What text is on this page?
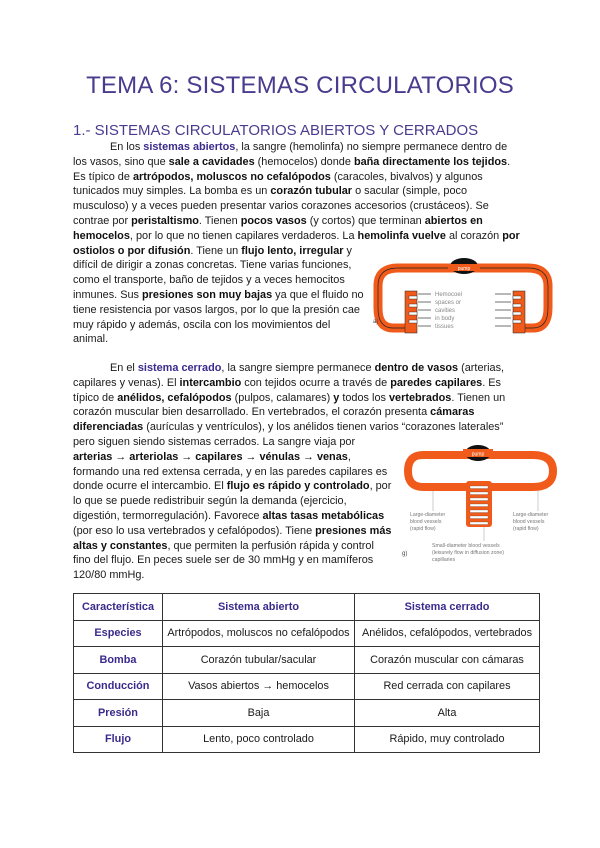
TEMA 6: SISTEMAS CIRCULATORIOS
1.- SISTEMAS CIRCULATORIOS ABIERTOS Y CERRADOS
En los sistemas abiertos, la sangre (hemolinfa) no siempre permanece dentro de
los vasos, sino que sale a cavidades (hemocelos) donde baña directamente los tejidos.
Es típico de artrópodos, moluscos no cefalópodos (caracoles, bivalvos) y algunos
tunicados muy simples. La bomba es un corazón tubular o sacular (simple, poco
musculoso) y a veces pueden presentar varios corazones accesorios (crustáceos). Se
contrae por peristaltismo. Tienen pocos vasos (y cortos) que terminan abiertos en
hemocelos, por lo que no tienen capilares verdaderos. La hemolinfa vuelve al corazón por
ostiolos o por difusión. Tiene un flujo lento, irregular y
difícil de dirigir a zonas concretas. Tiene varias funciones,
como el transporte, baño de tejidos y a veces hemocitos
inmunes. Sus presiones son muy bajas ya que el fluido no
tiene resistencia por vasos largos, por lo que la presión cae
muy rápido y además, oscila con los movimientos del
animal.
En el sistema cerrado, la sangre siempre permanece dentro de vasos (arterias,
capilares y venas). El intercambio con tejidos ocurre a través de paredes capilares. Es
típico de anélidos, cefalópodos (pulpos, calamares) y todos los vertebrados. Tienen un
corazón muscular bien desarrollado. En vertebrados, el corazón presenta cámaras
diferenciadas (aurículas y ventrículos), y los anélidos tienen varios “corazones laterales”
pero siguen siendo sistemas cerrados. La sangre viaja por
arterias → arteriolas → capilares → vénulas → venas,
formando una red extensa cerrada, y en las paredes capilares es
donde ocurre el intercambio. El flujo es rápido y controlado, por
lo que se puede redistribuir según la demanda (ejercicio,
digestión, termorregulación). Favorece altas tasas metabólicas
(por eso lo usa vertebrados y cefalópodos). Tiene presiones más
altas y constantes, que permiten la perfusión rápida y control
fino del flujo. En peces suele ser de 30 mmHg y en mamíferos
120/80 mmHg.
pump
Hemocoel
spaces or
cavities
in body
tissues
a)
pump
Large-diameter
blood vessels
(rapid flow)
Large-diameter
blood vessels
(rapid flow)
Small-diameter blood vessels
(leisurely flow in diffusion zone)
capillaries
g)
Característica	Sistema abierto	Sistema cerrado
Especies	Artrópodos, moluscos no cefalópodos	Anélidos, cefalópodos, vertebrados
Bomba	Corazón tubular/sacular	Corazón muscular con cámaras
Conducción	Vasos abiertos → hemocelos	Red cerrada con capilares
Presión	Baja	Alta
Flujo	Lento, poco controlado	Rápido, muy controlado
